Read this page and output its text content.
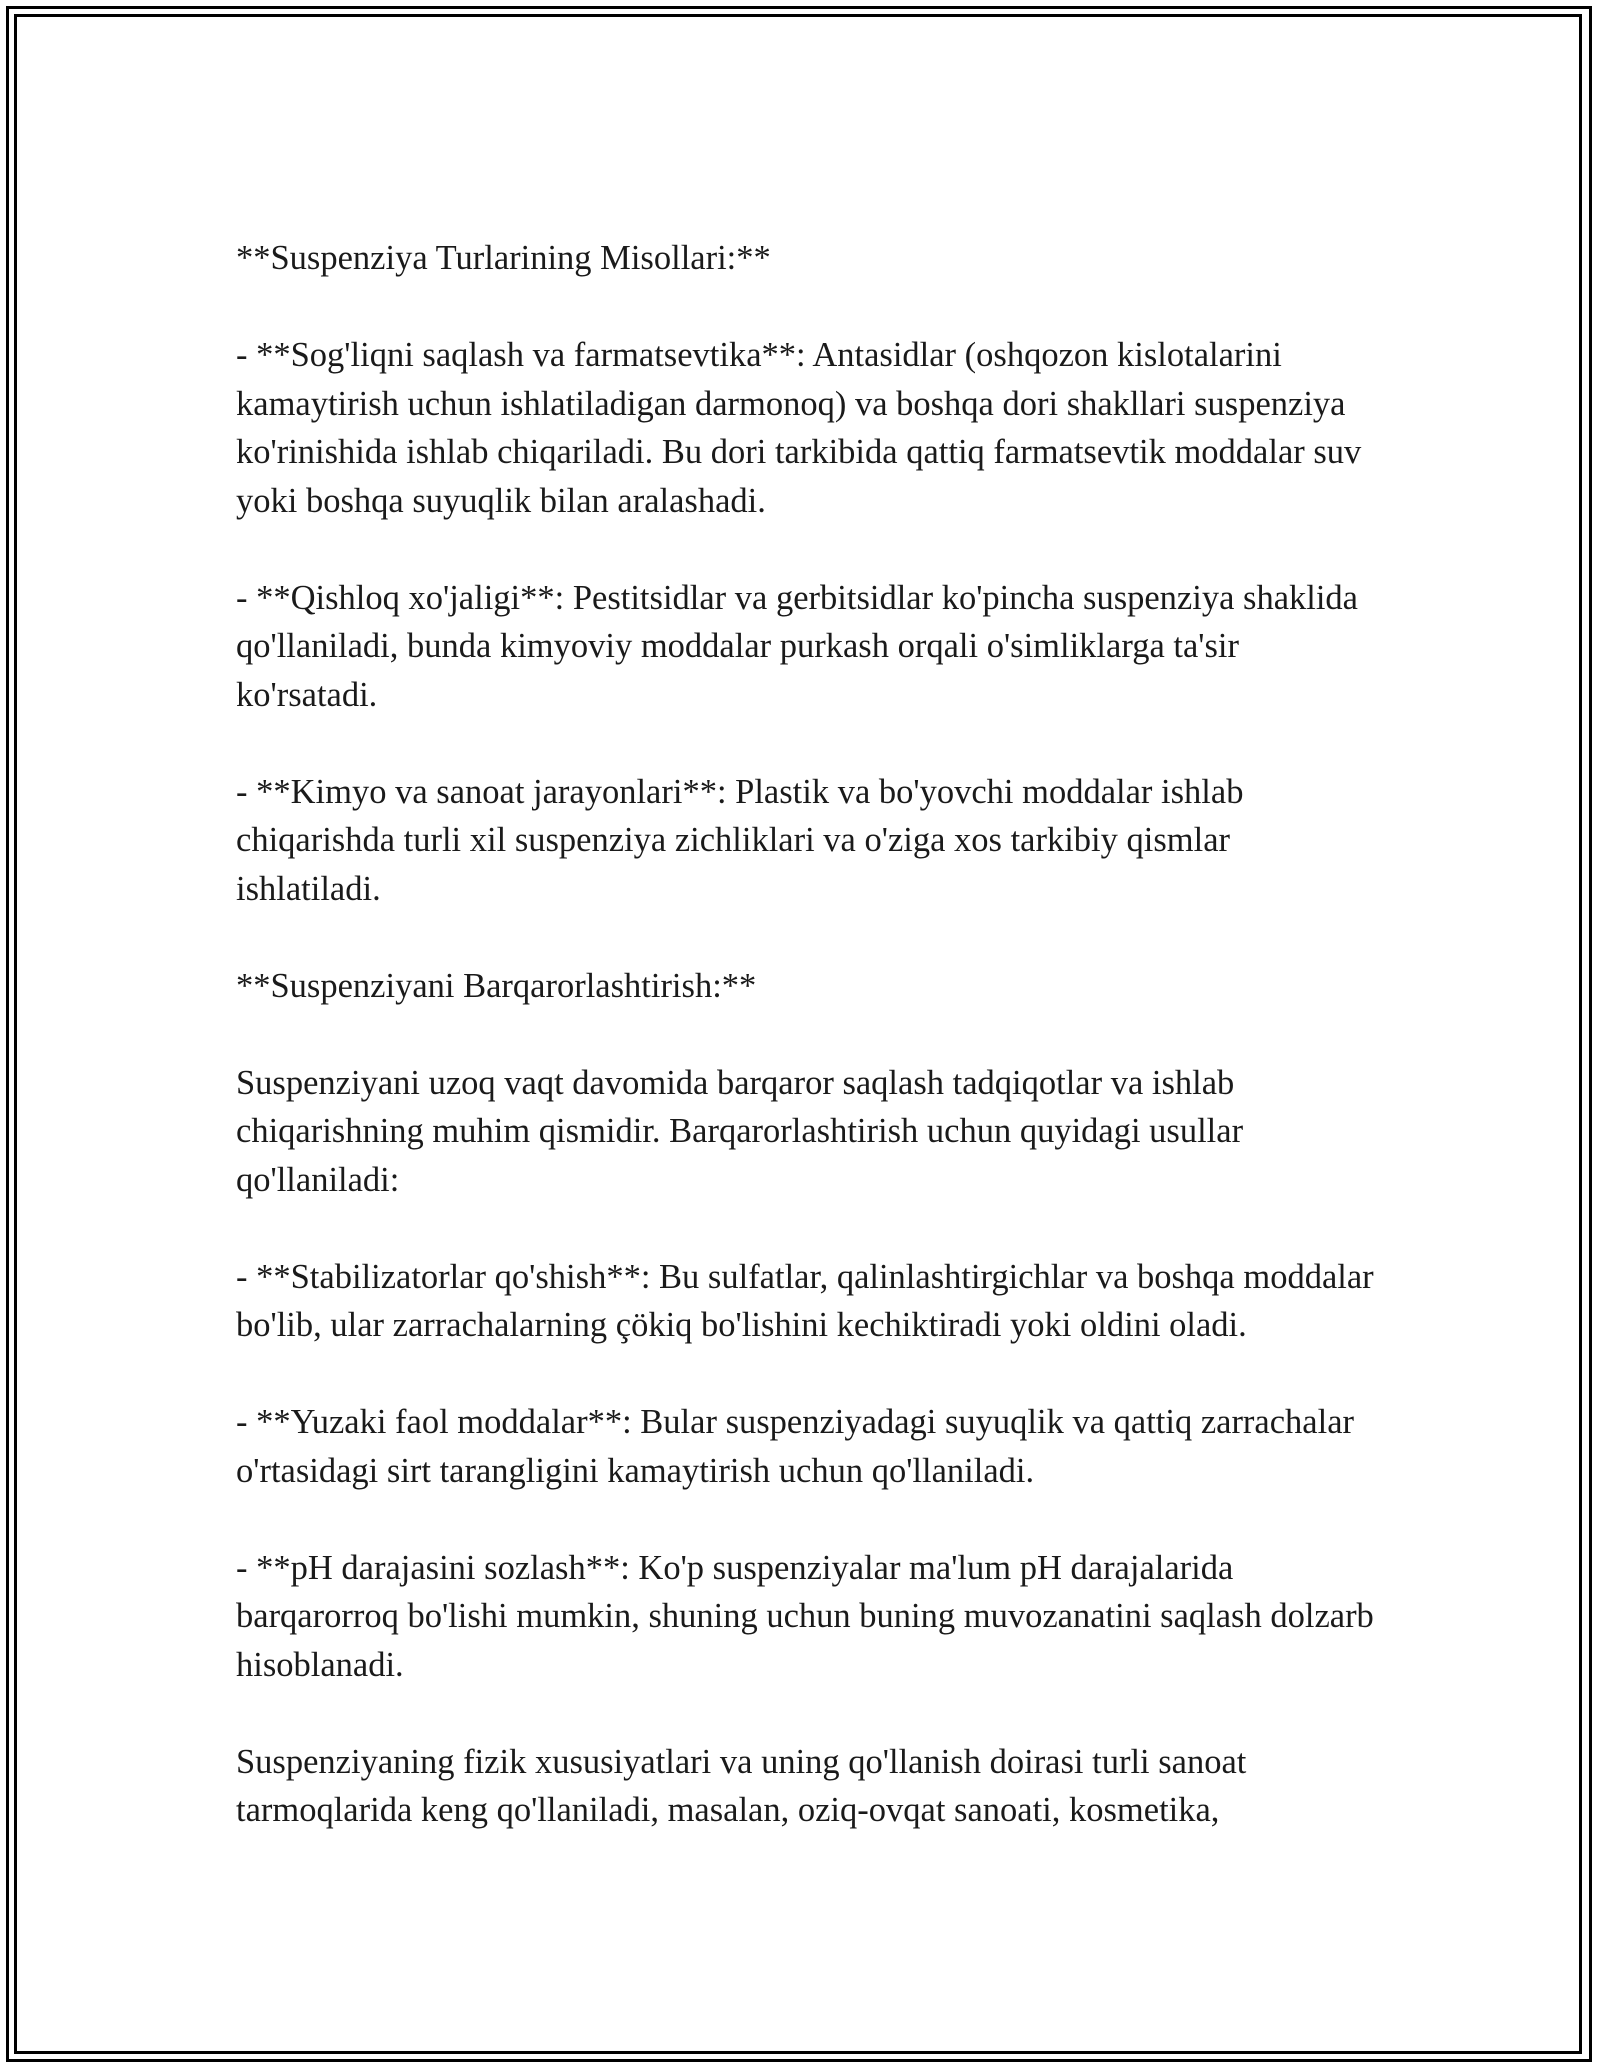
**Suspenziya Turlarining Misollari:**

- **Sog'liqni saqlash va farmatsevtika**: Antasidlar (oshqozon kislotalarini kamaytirish uchun ishlatiladigan darmonoq) va boshqa dori shakllari suspenziya ko'rinishida ishlab chiqariladi. Bu dori tarkibida qattiq farmatsevtik moddalar suv yoki boshqa suyuqlik bilan aralashadi.

- **Qishloq xo'jaligi**: Pestitsidlar va gerbitsidlar ko'pincha suspenziya shaklida qo'llaniladi, bunda kimyoviy moddalar purkash orqali o'simliklarga ta'sir ko'rsatadi.

- **Kimyo va sanoat jarayonlari**: Plastik va bo'yovchi moddalar ishlab chiqarishda turli xil suspenziya zichliklari va o'ziga xos tarkibiy qismlar ishlatiladi.

**Suspenziyani Barqarorlashtirish:**

Suspenziyani uzoq vaqt davomida barqaror saqlash tadqiqotlar va ishlab chiqarishning muhim qismidir. Barqarorlashtirish uchun quyidagi usullar qo'llaniladi:

- **Stabilizatorlar qo'shish**: Bu sulfatlar, qalinlashtirgichlar va boshqa moddalar bo'lib, ular zarrachalarning çökiq bo'lishini kechiktiradi yoki oldini oladi.

- **Yuzaki faol moddalar**: Bular suspenziyadagi suyuqlik va qattiq zarrachalar o'rtasidagi sirt tarangligini kamaytirish uchun qo'llaniladi.

- **pH darajasini sozlash**: Ko'p suspenziyalar ma'lum pH darajalarida barqarorroq bo'lishi mumkin, shuning uchun buning muvozanatini saqlash dolzarb hisoblanadi.

Suspenziyaning fizik xususiyatlari va uning qo'llanish doirasi turli sanoat tarmoqlarida keng qo'llaniladi, masalan, oziq-ovqat sanoati, kosmetika,
